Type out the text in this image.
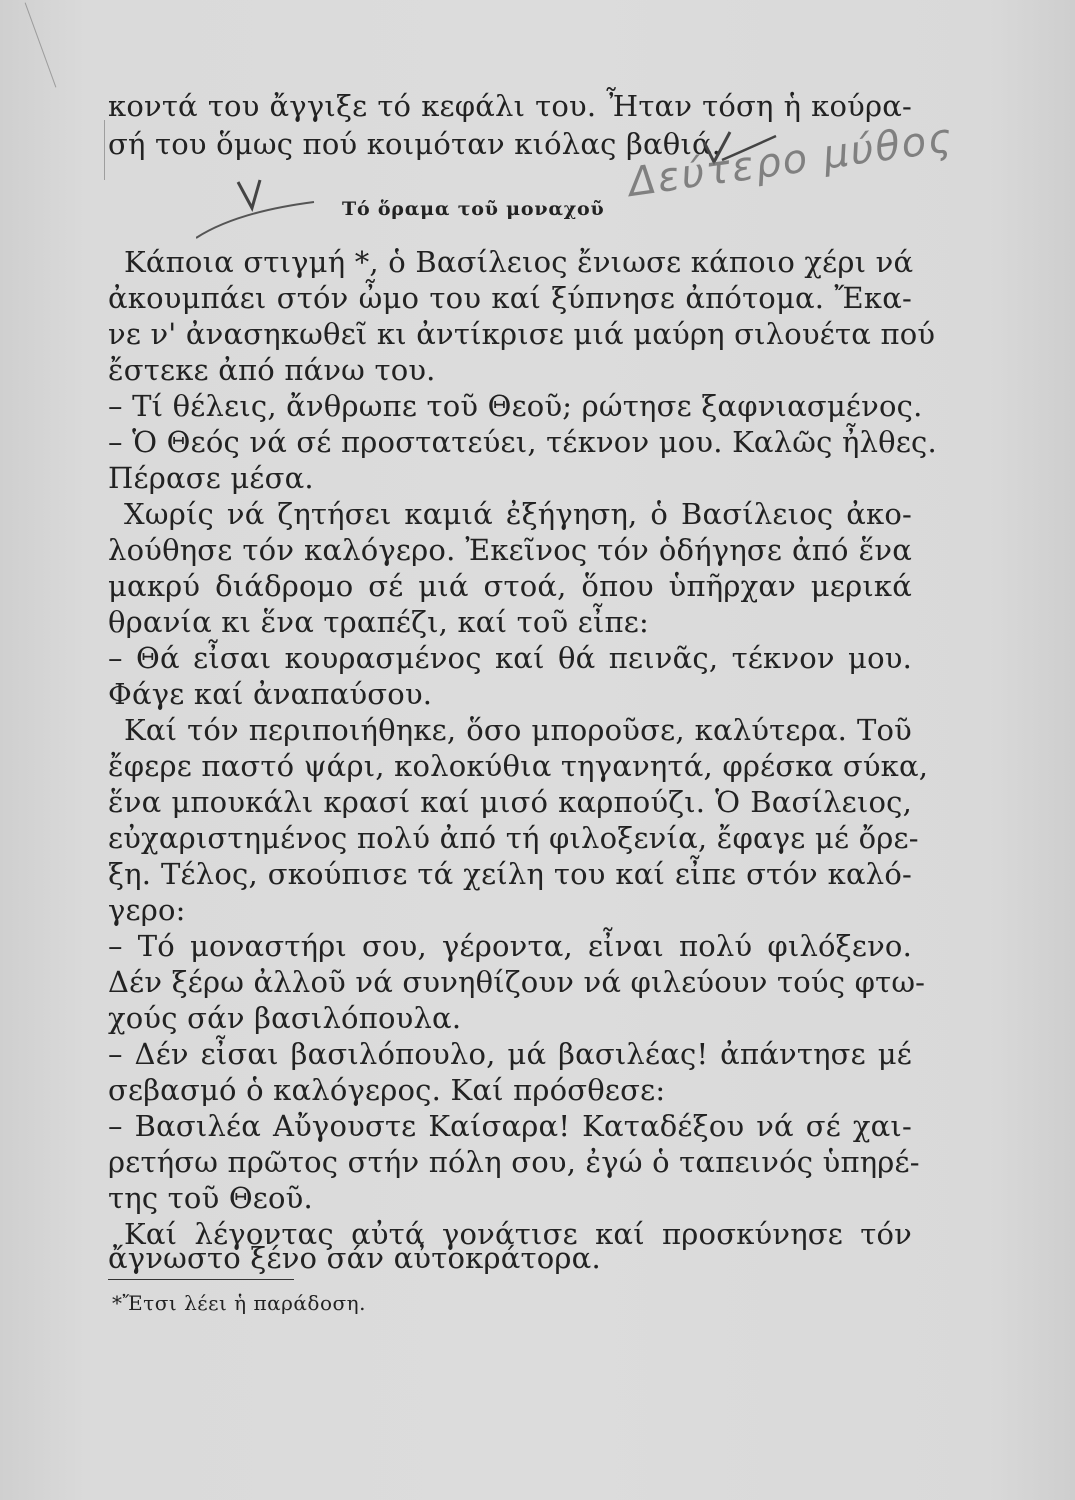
κοντά του ἄγγιξε τό κεφάλι του. Ἦταν τόση ἡ κούρα-
σή του ὅμως πού κοιμόταν κιόλας βαθιά.
Τό ὅραμα τοῦ μοναχοῦ
Δεύτερο μύθος
Κάποια στιγμή *, ὁ Βασίλειος ἔνιωσε κάποιο χέρι νά
ἀκουμπάει στόν ὦμο του καί ξύπνησε ἀπότομα. Ἔκα-
νε ν' ἀνασηκωθεῖ κι ἀντίκρισε μιά μαύρη σιλουέτα πού
ἔστεκε ἀπό πάνω του.
– Τί θέλεις, ἄνθρωπε τοῦ Θεοῦ; ρώτησε ξαφνιασμένος.
– Ὁ Θεός νά σέ προστατεύει, τέκνον μου. Καλῶς ἦλθες.
Πέρασε μέσα.
Χωρίς νά ζητήσει καμιά ἐξήγηση, ὁ Βασίλειος ἀκο-
λούθησε τόν καλόγερο. Ἐκεῖνος τόν ὁδήγησε ἀπό ἕνα
μακρύ διάδρομο σέ μιά στοά, ὅπου ὑπῆρχαν μερικά
θρανία κι ἕνα τραπέζι, καί τοῦ εἶπε:
– Θά εἶσαι κουρασμένος καί θά πεινᾶς, τέκνον μου.
Φάγε καί ἀναπαύσου.
Καί τόν περιποιήθηκε, ὅσο μποροῦσε, καλύτερα. Τοῦ
ἔφερε παστό ψάρι, κολοκύθια τηγανητά, φρέσκα σύκα,
ἕνα μπουκάλι κρασί καί μισό καρπούζι. Ὁ Βασίλειος,
εὐχαριστημένος πολύ ἀπό τή φιλοξενία, ἔφαγε μέ ὄρε-
ξη. Τέλος, σκούπισε τά χείλη του καί εἶπε στόν καλό-
γερο:
– Τό μοναστήρι σου, γέροντα, εἶναι πολύ φιλόξενο.
Δέν ξέρω ἀλλοῦ νά συνηθίζουν νά φιλεύουν τούς φτω-
χούς σάν βασιλόπουλα.
– Δέν εἶσαι βασιλόπουλο, μά βασιλέας! ἀπάντησε μέ
σεβασμό ὁ καλόγερος. Καί πρόσθεσε:
– Βασιλέα Αὔγουστε Καίσαρα! Καταδέξου νά σέ χαι-
ρετήσω πρῶτος στήν πόλη σου, ἐγώ ὁ ταπεινός ὑπηρέ-
της τοῦ Θεοῦ.
Καί λέγοντας αὐτά γονάτισε καί προσκύνησε τόν
ἄγνωστο ξένο σάν αὐτοκράτορα.
*Ἔτσι λέει ἡ παράδοση.
